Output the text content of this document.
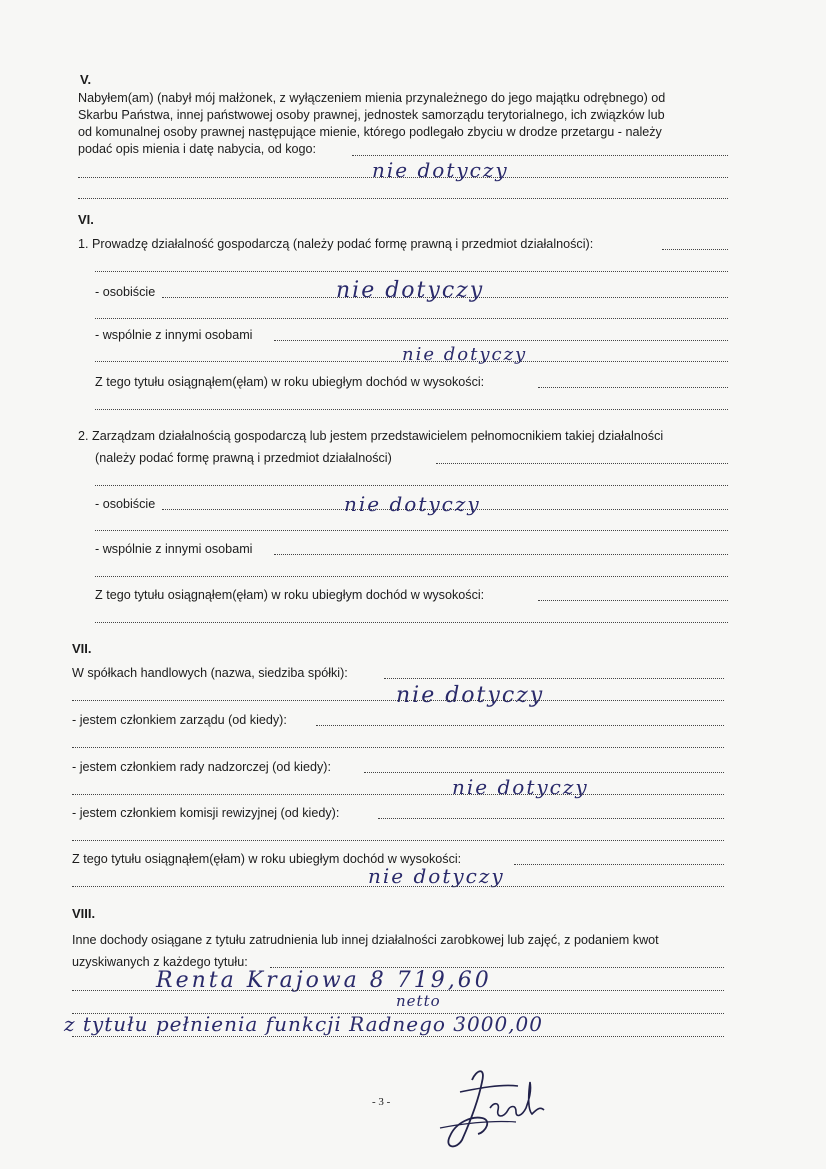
V.
Nabyłem(am) (nabył mój małżonek, z wyłączeniem mienia przynależnego do jego majątku odrębnego) od
Skarbu Państwa, innej państwowej osoby prawnej, jednostek samorządu terytorialnego, ich związków lub
od komunalnej osoby prawnej następujące mienie, którego podlegało zbyciu w drodze przetargu - należy
podać opis mienia i datę nabycia, od kogo:
nie dotyczy
VI.
1. Prowadzę działalność gospodarczą (należy podać formę prawną i przedmiot działalności):
- osobiście	nie dotyczy
- wspólnie z innymi osobami
nie dotyczy
Z tego tytułu osiągnąłem(ęłam) w roku ubiegłym dochód w wysokości:
2. Zarządzam działalnością gospodarczą lub jestem przedstawicielem pełnomocnikiem takiej działalności
(należy podać formę prawną i przedmiot działalności)
- osobiście	nie dotyczy
- wspólnie z innymi osobami
Z tego tytułu osiągnąłem(ęłam) w roku ubiegłym dochód w wysokości:
VII.
W spółkach handlowych (nazwa, siedziba spółki):
nie dotyczy
- jestem członkiem zarządu (od kiedy):
- jestem członkiem rady nadzorczej (od kiedy):
nie dotyczy
- jestem członkiem komisji rewizyjnej (od kiedy):
Z tego tytułu osiągnąłem(ęłam) w roku ubiegłym dochód w wysokości:
nie dotyczy
VIII.
Inne dochody osiągane z tytułu zatrudnienia lub innej działalności zarobkowej lub zajęć, z podaniem kwot
uzyskiwanych z każdego tytułu:
Renta Krajowa 8 719,60
netto
z tytułu pełnienia funkcji Radnego 3000,00
- 3 -
